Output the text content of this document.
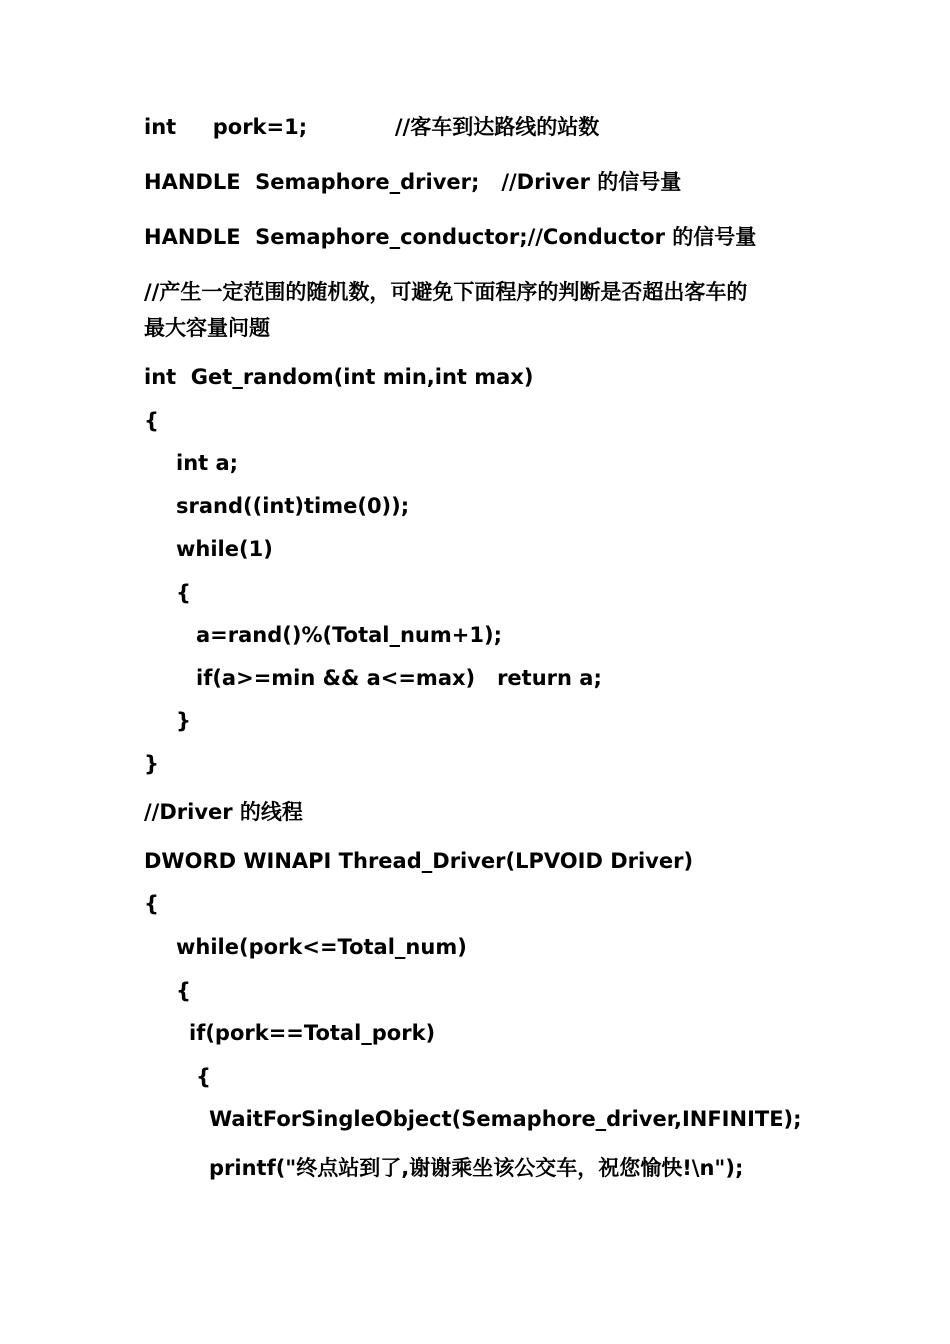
int     pork=1;            //客车到达路线的站数

HANDLE  Semaphore_driver;   //Driver 的信号量

HANDLE  Semaphore_conductor;//Conductor 的信号量

//产生一定范围的随机数，可避免下面程序的判断是否超出客车的

最大容量问题

int  Get_random(int min,int max)

{

int a;

srand((int)time(0));

while(1)

{

a=rand()%(Total_num+1);

if(a>=min && a<=max)   return a;

}

}

//Driver 的线程

DWORD WINAPI Thread_Driver(LPVOID Driver)

{

while(pork<=Total_num)

{

if(pork==Total_pork)

{

WaitForSingleObject(Semaphore_driver,INFINITE);

printf("终点站到了,谢谢乘坐该公交车，祝您愉快!\n");
